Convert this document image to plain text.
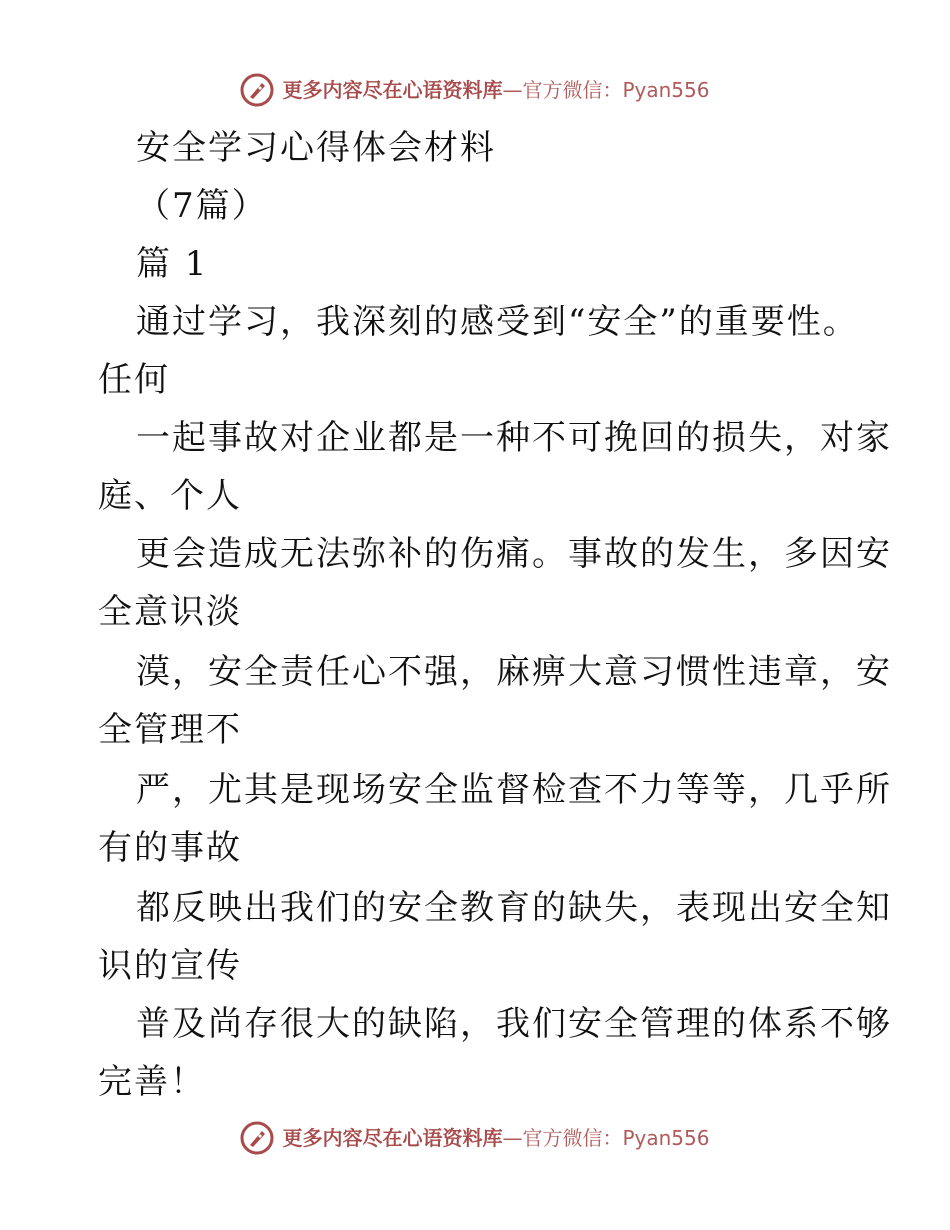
更多内容尽在心语资料库—官方微信：Pyan556
安全学习心得体会材料
（7篇）
篇 1
通过学习，我深刻的感受到“安全”的重要性。
任何
一起事故对企业都是一种不可挽回的损失，对家
庭、个人
更会造成无法弥补的伤痛。事故的发生，多因安
全意识淡
漠，安全责任心不强，麻痹大意习惯性违章，安
全管理不
严，尤其是现场安全监督检查不力等等，几乎所
有的事故
都反映出我们的安全教育的缺失，表现出安全知
识的宣传
普及尚存很大的缺陷，我们安全管理的体系不够
完善！
更多内容尽在心语资料库—官方微信：Pyan556
